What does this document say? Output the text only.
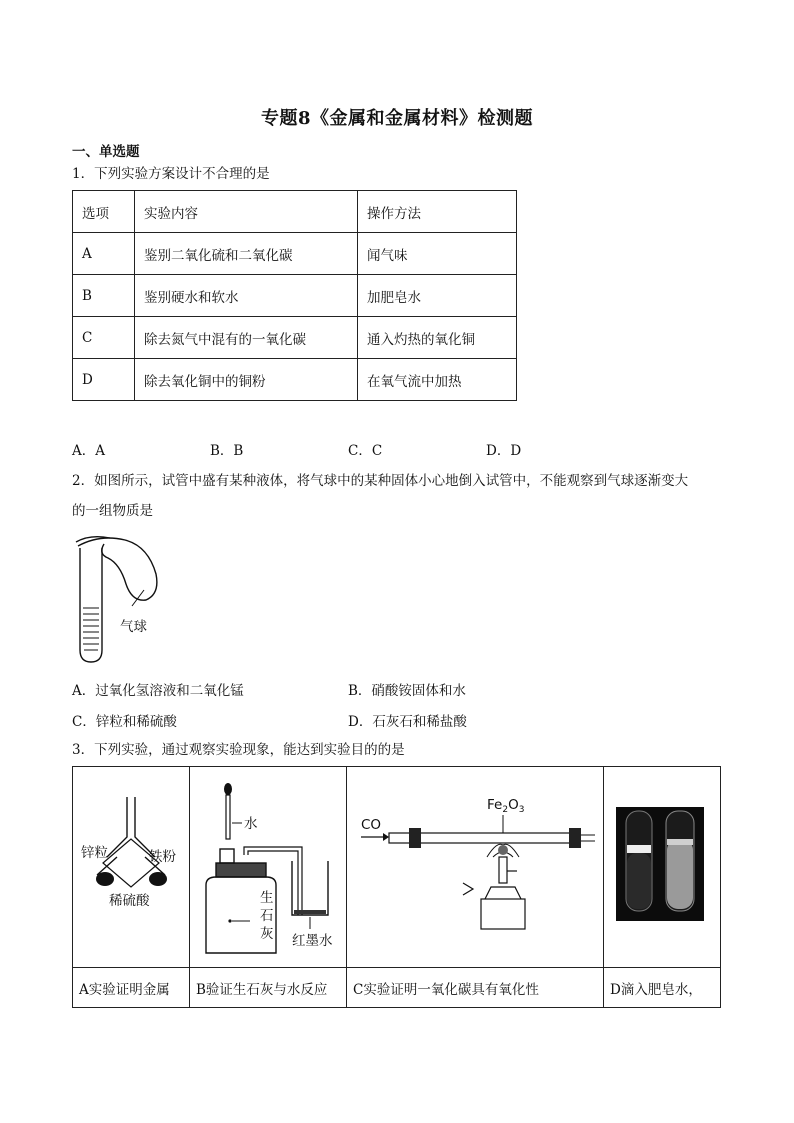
专题8《金属和金属材料》检测题
一、单选题
1．下列实验方案设计不合理的是
选项	实验内容	操作方法
A	鉴别二氧化硫和二氧化碳	闻气味
B	鉴别硬水和软水	加肥皂水
C	除去氮气中混有的一氧化碳	通入灼热的氧化铜
D	除去氧化铜中的铜粉	在氧气流中加热
A．A	B．B	C．C	D．D
2．如图所示，试管中盛有某种液体，将气球中的某种固体小心地倒入试管中，不能观察到气球逐渐变大
的一组物质是
气球
A．过氧化氢溶液和二氧化锰	B．硝酸铵固体和水
C．锌粒和稀硫酸	D．石灰石和稀盐酸
3．下列实验，通过观察实验现象，能达到实验目的的是
锌粒 铁粉
稀硫酸	水
生
石
灰 红墨水	CO
$Fe_2O_3$

A实验证明金属	B验证生石灰与水反应	C实验证明一氧化碳具有氧化性	D滴入肥皂水，
